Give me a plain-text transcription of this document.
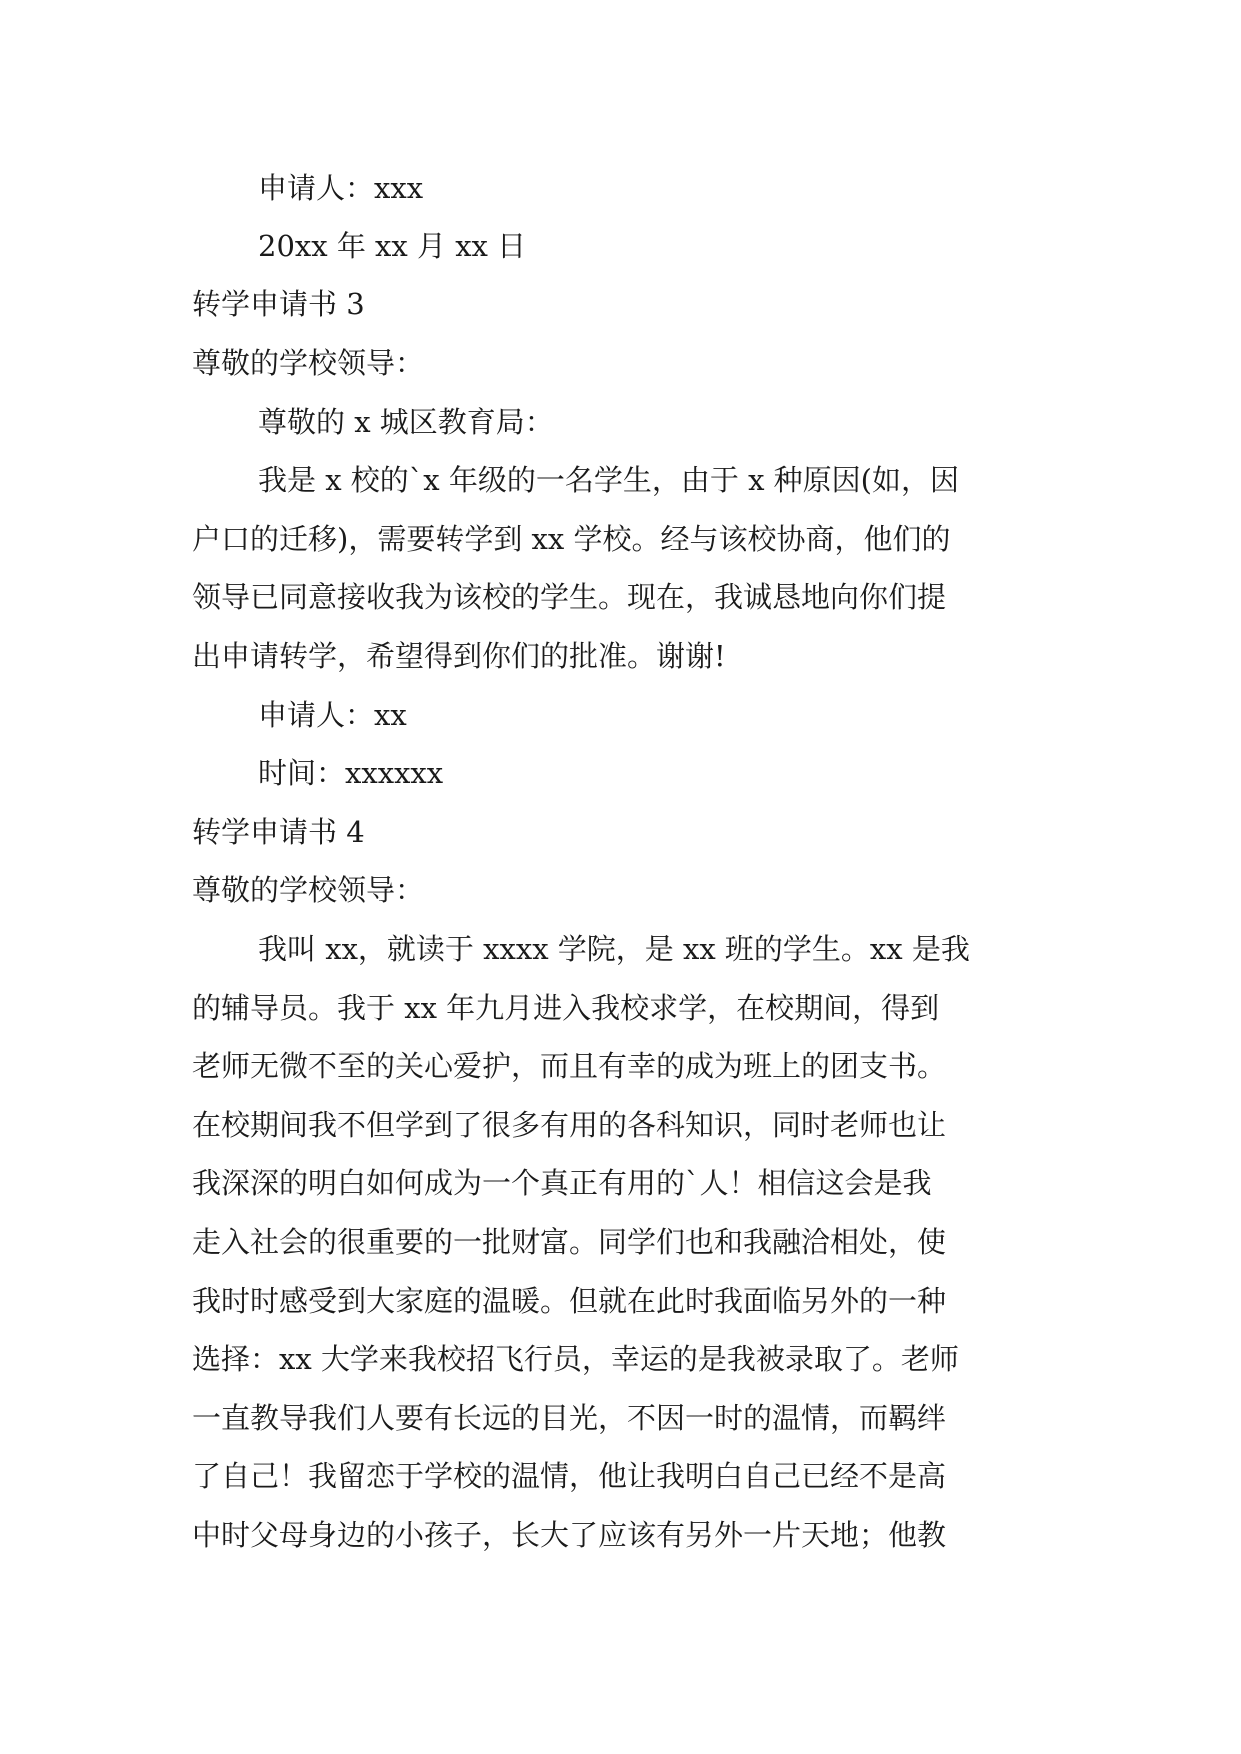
申请人：xxx
20xx 年 xx 月 xx 日
转学申请书 3
尊敬的学校领导：
尊敬的 x 城区教育局：
我是 x 校的`x 年级的一名学生，由于 x 种原因(如，因
户口的迁移)，需要转学到 xx 学校。经与该校协商，他们的
领导已同意接收我为该校的学生。现在，我诚恳地向你们提
出申请转学，希望得到你们的批准。谢谢!
申请人：xx
时间：xxxxxx
转学申请书 4
尊敬的学校领导：
我叫 xx，就读于 xxxx 学院，是 xx 班的学生。xx 是我
的辅导员。我于 xx 年九月进入我校求学，在校期间，得到
老师无微不至的关心爱护，而且有幸的成为班上的团支书。
在校期间我不但学到了很多有用的各科知识，同时老师也让
我深深的明白如何成为一个真正有用的`人！相信这会是我
走入社会的很重要的一批财富。同学们也和我融洽相处，使
我时时感受到大家庭的温暖。但就在此时我面临另外的一种
选择：xx 大学来我校招飞行员，幸运的是我被录取了。老师
一直教导我们人要有长远的目光，不因一时的温情，而羁绊
了自己！我留恋于学校的温情，他让我明白自己已经不是高
中时父母身边的小孩子，长大了应该有另外一片天地；他教
